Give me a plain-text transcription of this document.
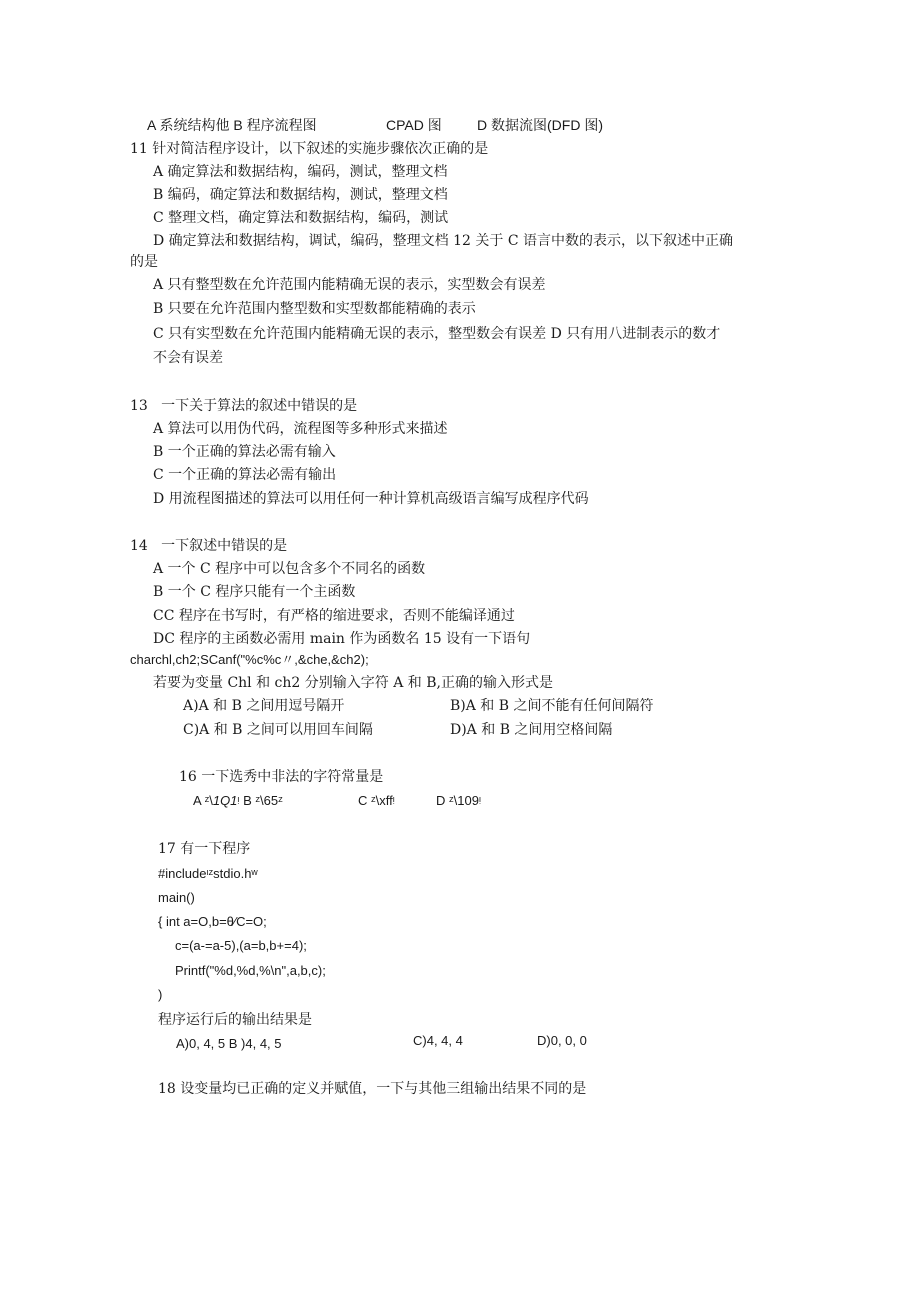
A 系统结构他 B 程序流程图	CPAD 图	D 数据流图(DFD 图)
11 针对简洁程序设计，以下叙述的实施步骤依次正确的是
A 确定算法和数据结构，编码，测试，整理文档
B 编码，确定算法和数据结构，测试，整理文档
C 整理文档，确定算法和数据结构，编码，测试
D 确定算法和数据结构，调试，编码，整理文档 12 关于 C 语言中数的表示，以下叙述中正确
的是
A 只有整型数在允许范围内能精确无误的表示，实型数会有误差
B 只要在允许范围内整型数和实型数都能精确的表示
C 只有实型数在允许范围内能精确无误的表示，整型数会有误差 D 只有用八进制表示的数才
不会有误差
13   一下关于算法的叙述中错误的是
A 算法可以用伪代码，流程图等多种形式来描述
B 一个正确的算法必需有输入
C 一个正确的算法必需有输出
D 用流程图描述的算法可以用任何一种计算机高级语言编写成程序代码
14   一下叙述中错误的是
A 一个 C 程序中可以包含多个不同名的函数
B 一个 C 程序只能有一个主函数
CC 程序在书写时，有严格的缩进要求，否则不能编译通过
DC 程序的主函数必需用 main 作为函数名 15 设有一下语句
charchl,ch2;SCanf("%c%c〃,&che,&ch2);
若要为变量 Chl 和 ch2 分别输入字符 A 和 B,正确的输入形式是
A)A 和 B 之间用逗号隔开	B)A 和 B 之间不能有任何间隔符
C)A 和 B 之间可以用回车间隔	D)A 和 B 之间用空格间隔
16 一下选秀中非法的字符常量是
A ᶻ\1Q1ᵎ B ᶻ\65ᶻ	C ᶻ\xffᵎ	D ᶻ\109ᵎ
17 有一下程序
#includeᶦᶻstdio.hʷ
main()
{ int a=O,b=θ⁄C=O;
c=(a-=a-5),(a=b,b+=4);
Printf("%d,%d,%\n",a,b,c);
)
程序运行后的输出结果是
A)0, 4, 5 B )4, 4, 5	C)4, 4, 4	D)0, 0, 0
18 设变量均已正确的定义并赋值，一下与其他三组输出结果不同的是
